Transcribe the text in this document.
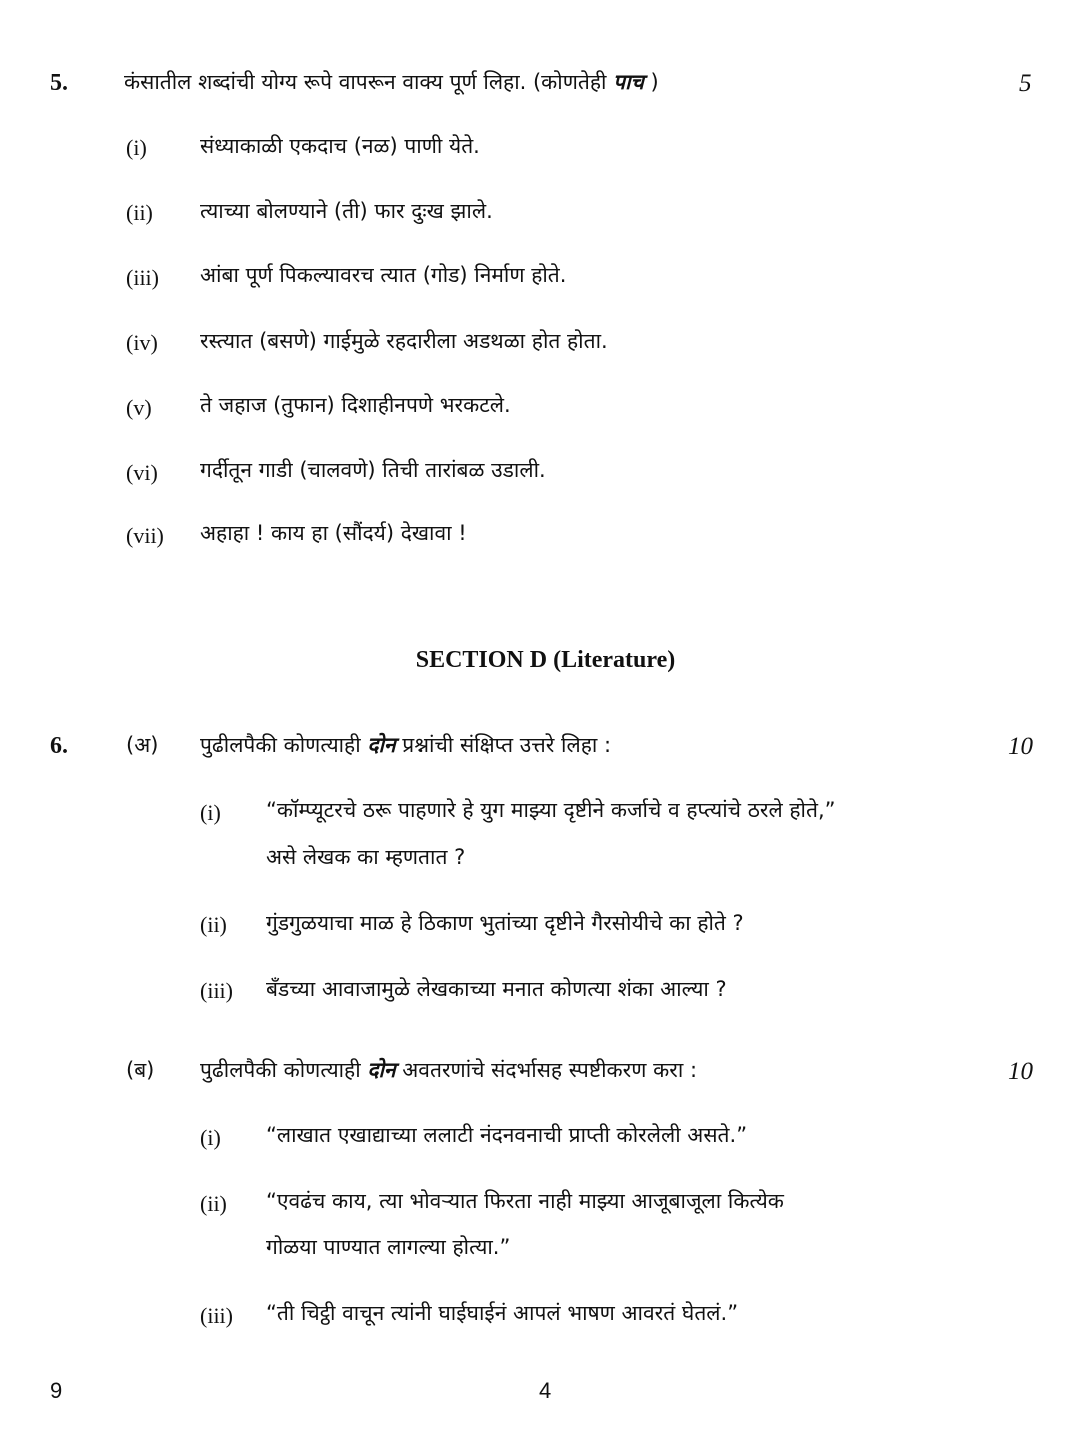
5.	कंसातील शब्दांची योग्य रूपे वापरून वाक्य पूर्ण लिहा. (कोणतेही पाच )	5
(i)	संध्याकाळी एकदाच (नळ) पाणी येते.
(ii) त्याच्या बोलण्याने (ती) फार दुःख झाले.
(iii) आंबा पूर्ण पिकल्यावरच त्यात (गोड) निर्माण होते.
(iv) रस्त्यात (बसणे) गाईमुळे रहदारीला अडथळा होत होता.
(v) ते जहाज (तुफान) दिशाहीनपणे भरकटले.
(vi) गर्दीतून गाडी (चालवणे) तिची तारांबळ उडाली.
(vii) अहाहा ! काय हा (सौंदर्य) देखावा !
SECTION D (Literature)
6.	(अ) पुढीलपैकी कोणत्याही दोन प्रश्नांची संक्षिप्त उत्तरे लिहा :	10
(i) “कॉम्प्यूटरचे ठरू पाहणारे हे युग माझ्या दृष्टीने कर्जाचे व हप्त्यांचे ठरले होते,”
असे लेखक का म्हणतात ?
(ii) गुंडगुळयाचा माळ हे ठिकाण भुतांच्या दृष्टीने गैरसोयीचे का होते ?
(iii) बँडच्या आवाजामुळे लेखकाच्या मनात कोणत्या शंका आल्या ?
(ब) पुढीलपैकी कोणत्याही दोन अवतरणांचे संदर्भासह स्पष्टीकरण करा :	10
(i) “लाखात एखाद्याच्या ललाटी नंदनवनाची प्राप्ती कोरलेली असते.”
(ii) “एवढंच काय, त्या भोवऱ्यात फिरता नाही माझ्या आजूबाजूला कित्येक
गोळया पाण्यात लागल्या होत्या.”
(iii) “ती चिट्ठी वाचून त्यांनी घाईघाईनं आपलं भाषण आवरतं घेतलं.”
9	4
